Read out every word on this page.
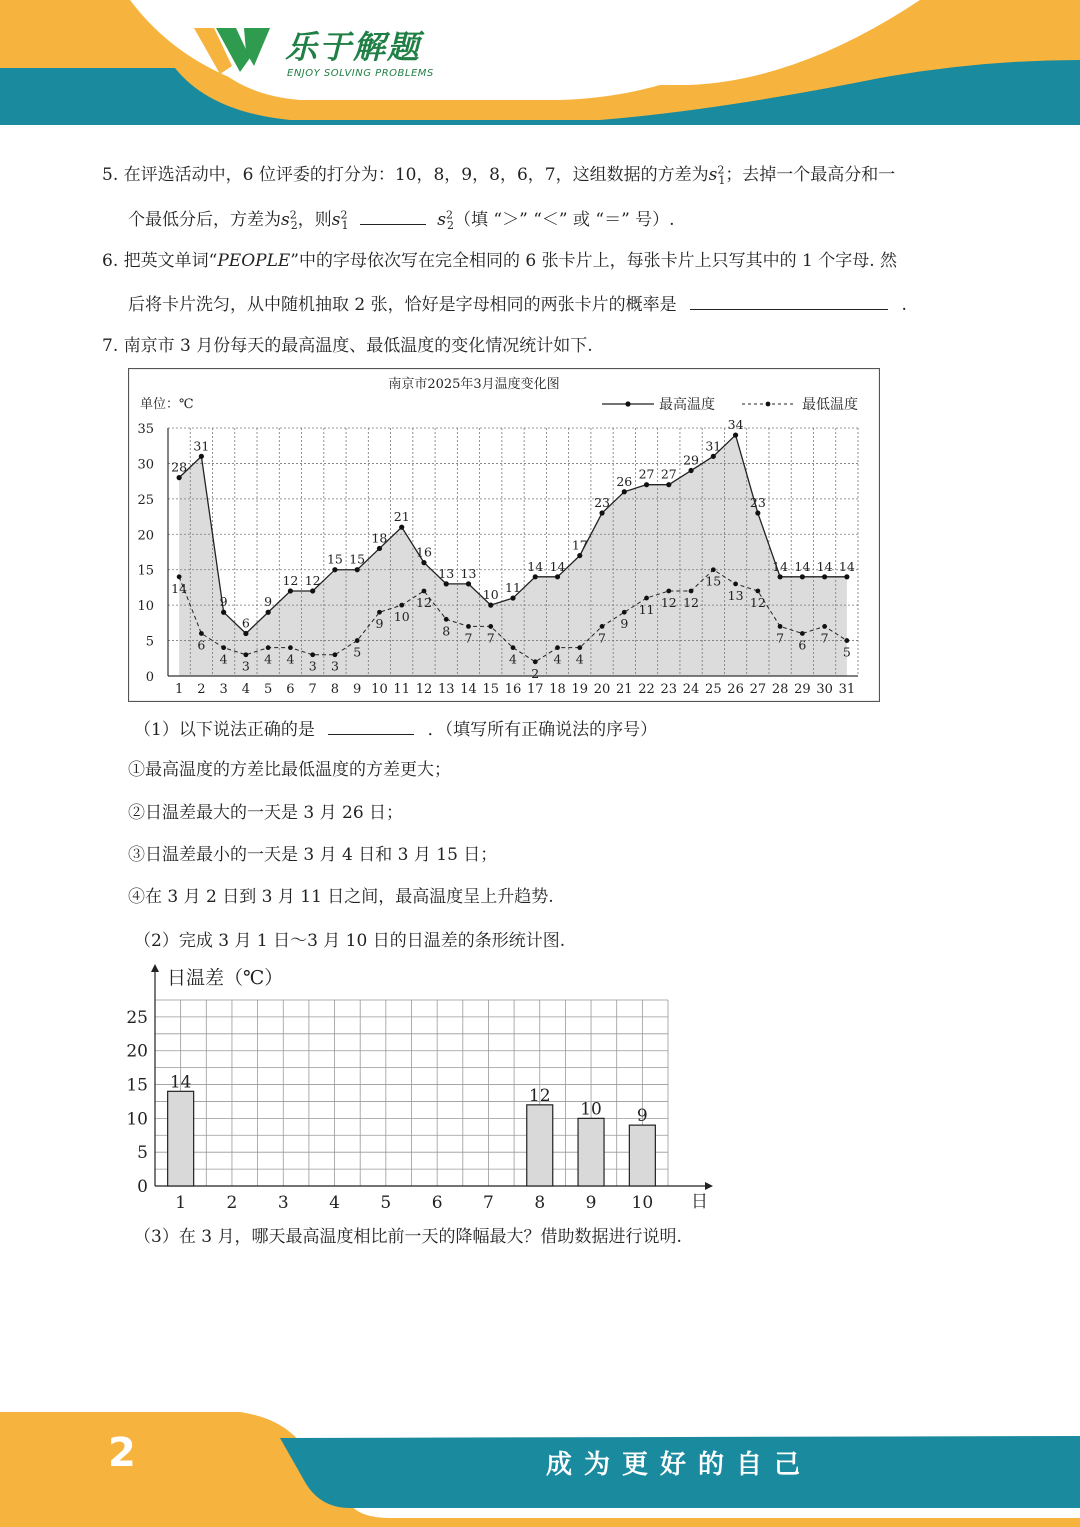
乐于解题
ENJOY SOLVING PROBLEMS
5. 在评选活动中，6 位评委的打分为：10，8，9，8，6，7，这组数据的方差为$s^2_1$；去掉一个最高分和一
个最低分后，方差为$s^2_2$，则$s^2_1$	$s^2_2$（填 “＞” “＜” 或 “＝” 号）.
6. 把英文单词“PEOPLE”中的字母依次写在完全相同的 6 张卡片上，每张卡片上只写其中的 1 个字母. 然
后将卡片洗匀，从中随机抽取 2 张，恰好是字母相同的两张卡片的概率是	.
7. 南京市 3 月份每天的最高温度、最低温度的变化情况统计如下.
南京市2025年3月温度变化图
单位：℃
0
5
10
15
20
25
30
35
1 2 3 4 5 6 7 8 9 10 11 12 13 14 15 16 17 18 19 20 21 22 23 24 25 26 27 28 29 30 31
28
31
9
6
9
12 12
15 15
18
21
16
13 13
10 11
14 14
17
23
26 27 27
29
31
34
23
14 14 14 14
14
6
4 3 4 4 3 3
5
9 10
12
8 7 7
4
2
4 4
7
9
11 12 12
15
13 12
7 6 7
5
最高温度	最低温度
（1）以下说法正确的是	．（填写所有正确说法的序号）
①最高温度的方差比最低温度的方差更大；
②日温差最大的一天是 3 月 26 日；
③日温差最小的一天是 3 月 4 日和 3 月 15 日；
④在 3 月 2 日到 3 月 11 日之间，最高温度呈上升趋势.
（2）完成 3 月 1 日～3 月 10 日的日温差的条形统计图.
日温差（℃）
日
0
5
10
15
20
25
1
14
2 3 4 5 6 7 8
12
9
10
10
9
（3）在 3 月，哪天最高温度相比前一天的降幅最大？借助数据进行说明.
2	成为更好的自己
